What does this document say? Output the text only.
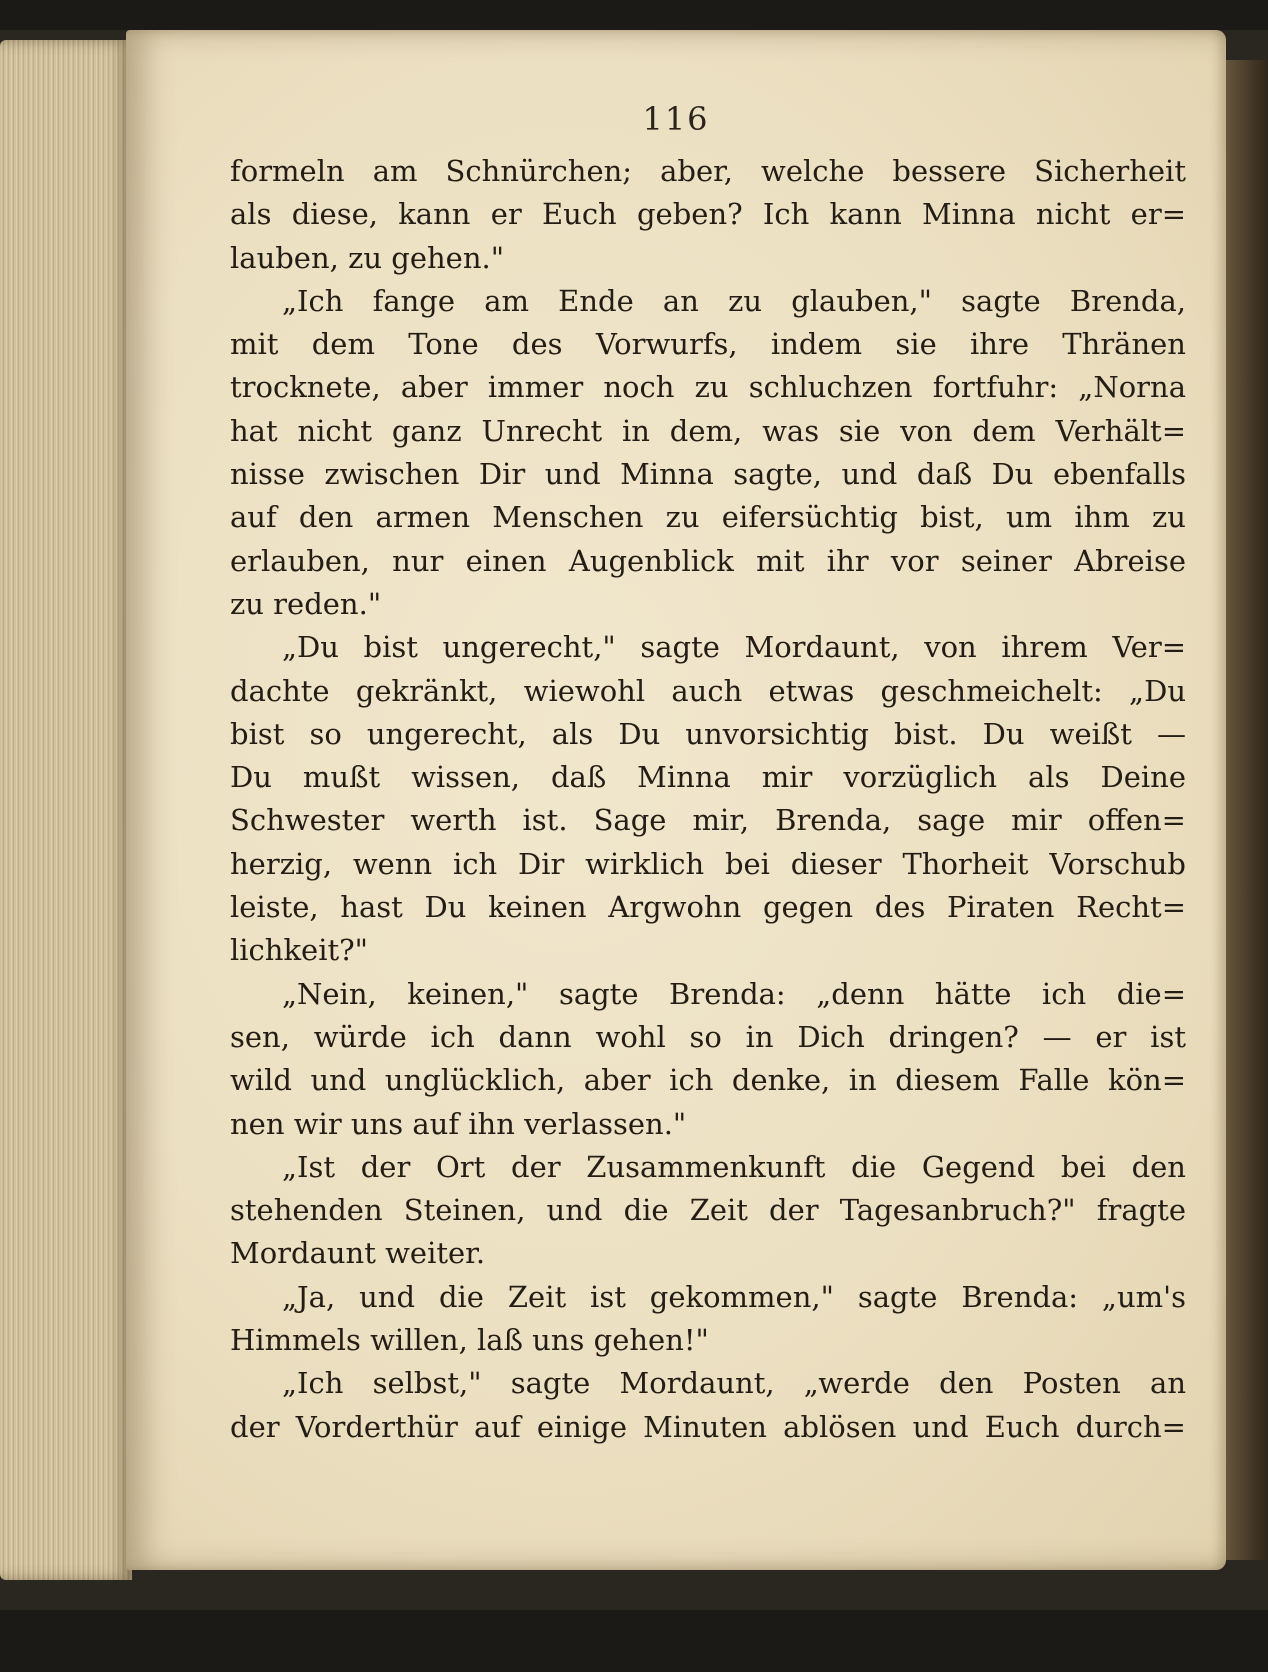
116
formeln am Schnürchen; aber, welche bessere Sicherheit
als diese, kann er Euch geben? Ich kann Minna nicht er=
lauben, zu gehen."
„Ich fange am Ende an zu glauben," sagte Brenda,
mit dem Tone des Vorwurfs, indem sie ihre Thränen
trocknete, aber immer noch zu schluchzen fortfuhr: „Norna
hat nicht ganz Unrecht in dem, was sie von dem Verhält=
nisse zwischen Dir und Minna sagte, und daß Du ebenfalls
auf den armen Menschen zu eifersüchtig bist, um ihm zu
erlauben, nur einen Augenblick mit ihr vor seiner Abreise
zu reden."
„Du bist ungerecht," sagte Mordaunt, von ihrem Ver=
dachte gekränkt, wiewohl auch etwas geschmeichelt: „Du
bist so ungerecht, als Du unvorsichtig bist. Du weißt —
Du mußt wissen, daß Minna mir vorzüglich als Deine
Schwester werth ist. Sage mir, Brenda, sage mir offen=
herzig, wenn ich Dir wirklich bei dieser Thorheit Vorschub
leiste, hast Du keinen Argwohn gegen des Piraten Recht=
lichkeit?"
„Nein, keinen," sagte Brenda: „denn hätte ich die=
sen, würde ich dann wohl so in Dich dringen? — er ist
wild und unglücklich, aber ich denke, in diesem Falle kön=
nen wir uns auf ihn verlassen."
„Ist der Ort der Zusammenkunft die Gegend bei den
stehenden Steinen, und die Zeit der Tagesanbruch?" fragte
Mordaunt weiter.
„Ja, und die Zeit ist gekommen," sagte Brenda: „um's
Himmels willen, laß uns gehen!"
„Ich selbst," sagte Mordaunt, „werde den Posten an
der Vorderthür auf einige Minuten ablösen und Euch durch=
